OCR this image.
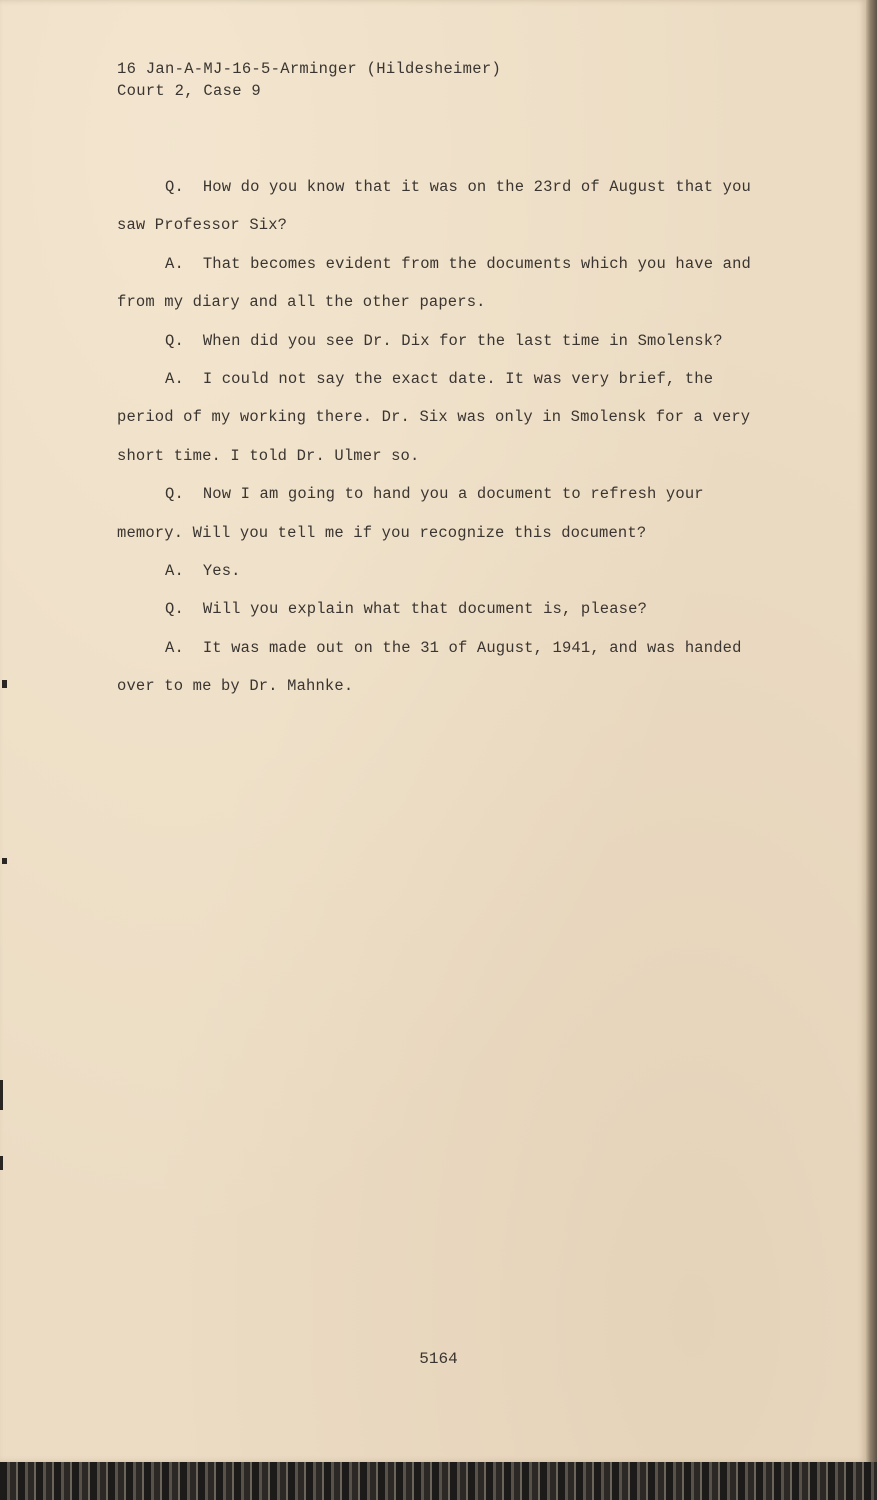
16 Jan-A-MJ-16-5-Arminger (Hildesheimer)
Court 2, Case 9

Q. How do you know that it was on the 23rd of August that you saw Professor Six?

A. That becomes evident from the documents which you have and from my diary and all the other papers.

Q. When did you see Dr. Dix for the last time in Smolensk?

A. I could not say the exact date. It was very brief, the period of my working there. Dr. Six was only in Smolensk for a very short time. I told Dr. Ulmer so.

Q. Now I am going to hand you a document to refresh your memory. Will you tell me if you recognize this document?

A. Yes.

Q. Will you explain what that document is, please?

A. It was made out on the 31 of August, 1941, and was handed over to me by Dr. Mahnke.

5164
